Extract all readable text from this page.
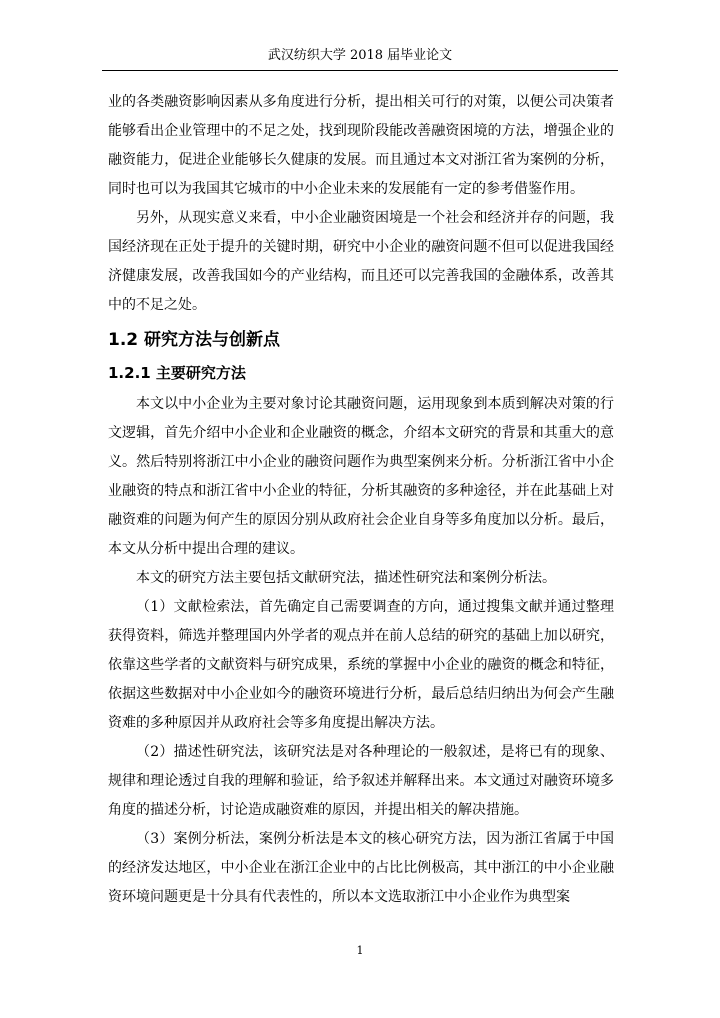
武汉纺织大学 2018 届毕业论文

业的各类融资影响因素从多角度进行分析，提出相关可行的对策，以便公司决策者能够看出企业管理中的不足之处，找到现阶段能改善融资困境的方法，增强企业的融资能力，促进企业能够长久健康的发展。而且通过本文对浙江省为案例的分析，同时也可以为我国其它城市的中小企业未来的发展能有一定的参考借鉴作用。

另外，从现实意义来看，中小企业融资困境是一个社会和经济并存的问题，我国经济现在正处于提升的关键时期，研究中小企业的融资问题不但可以促进我国经济健康发展，改善我国如今的产业结构，而且还可以完善我国的金融体系，改善其中的不足之处。

1.2 研究方法与创新点
1.2.1 主要研究方法

本文以中小企业为主要对象讨论其融资问题，运用现象到本质到解决对策的行文逻辑，首先介绍中小企业和企业融资的概念，介绍本文研究的背景和其重大的意义。然后特别将浙江中小企业的融资问题作为典型案例来分析。分析浙江省中小企业融资的特点和浙江省中小企业的特征，分析其融资的多种途径，并在此基础上对融资难的问题为何产生的原因分别从政府社会企业自身等多角度加以分析。最后，本文从分析中提出合理的建议。

本文的研究方法主要包括文献研究法，描述性研究法和案例分析法。

（1）文献检索法，首先确定自己需要调查的方向，通过搜集文献并通过整理获得资料，筛选并整理国内外学者的观点并在前人总结的研究的基础上加以研究，依靠这些学者的文献资料与研究成果，系统的掌握中小企业的融资的概念和特征，依据这些数据对中小企业如今的融资环境进行分析，最后总结归纳出为何会产生融资难的多种原因并从政府社会等多角度提出解决方法。

（2）描述性研究法，该研究法是对各种理论的一般叙述，是将已有的现象、规律和理论透过自我的理解和验证，给予叙述并解释出来。本文通过对融资环境多角度的描述分析，讨论造成融资难的原因，并提出相关的解决措施。

（3）案例分析法，案例分析法是本文的核心研究方法，因为浙江省属于中国的经济发达地区，中小企业在浙江企业中的占比比例极高，其中浙江的中小企业融资环境问题更是十分具有代表性的，所以本文选取浙江中小企业作为典型案

1
